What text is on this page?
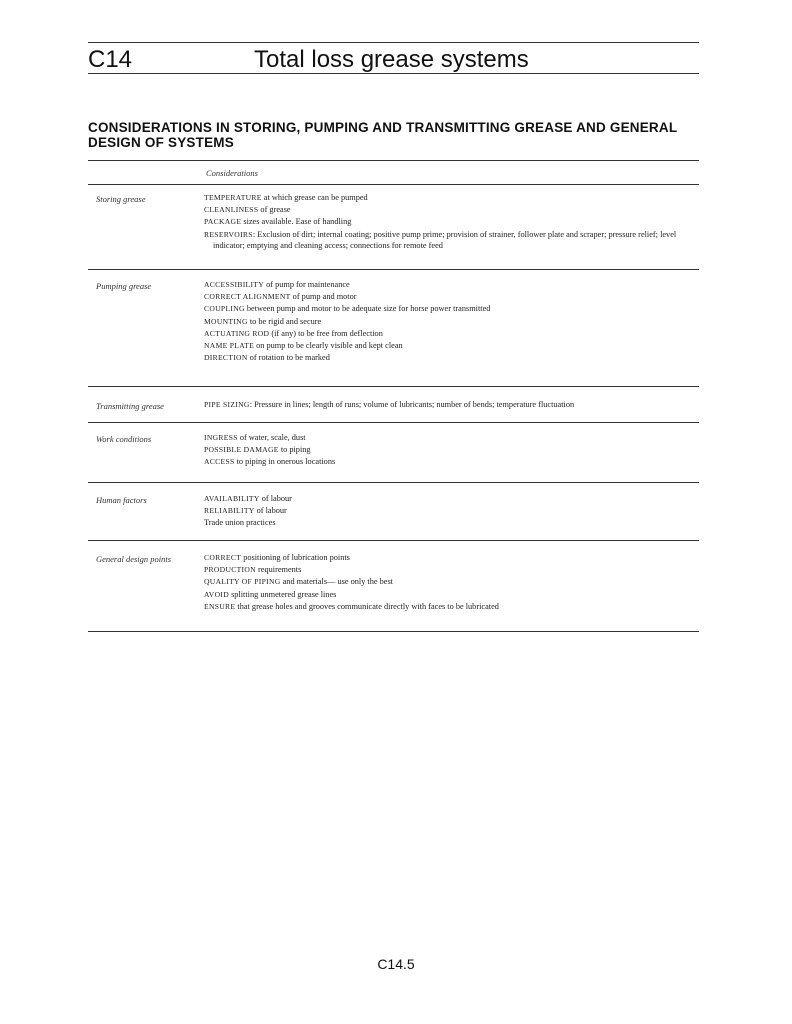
C14	Total loss grease systems
CONSIDERATIONS IN STORING, PUMPING AND TRANSMITTING GREASE AND GENERAL DESIGN OF SYSTEMS
Considerations
Storing grease	TEMPERATURE at which grease can be pumped
CLEANLINESS of grease
PACKAGE sizes available. Ease of handling
RESERVOIRS: Exclusion of dirt; internal coating; positive pump prime; provision of strainer, follower plate and scraper; pressure relief; level indicator; emptying and cleaning access; connections for remote feed
Pumping grease	ACCESSIBILITY of pump for maintenance
CORRECT ALIGNMENT of pump and motor
COUPLING between pump and motor to be adequate size for horse power transmitted
MOUNTING to be rigid and secure
ACTUATING ROD (if any) to be free from deflection
NAME PLATE on pump to be clearly visible and kept clean
DIRECTION of rotation to be marked
Transmitting grease	PIPE SIZING: Pressure in lines; length of runs; volume of lubricants; number of bends; temperature fluctuation
Work conditions	INGRESS of water, scale, dust
POSSIBLE DAMAGE to piping
ACCESS to piping in onerous locations
Human factors	AVAILABILITY of labour
RELIABILITY of labour
Trade union practices
General design points	CORRECT positioning of lubrication points
PRODUCTION requirements
QUALITY OF PIPING and materials— use only the best
AVOID splitting unmetered grease lines
ENSURE that grease holes and grooves communicate directly with faces to be lubricated
C14.5
